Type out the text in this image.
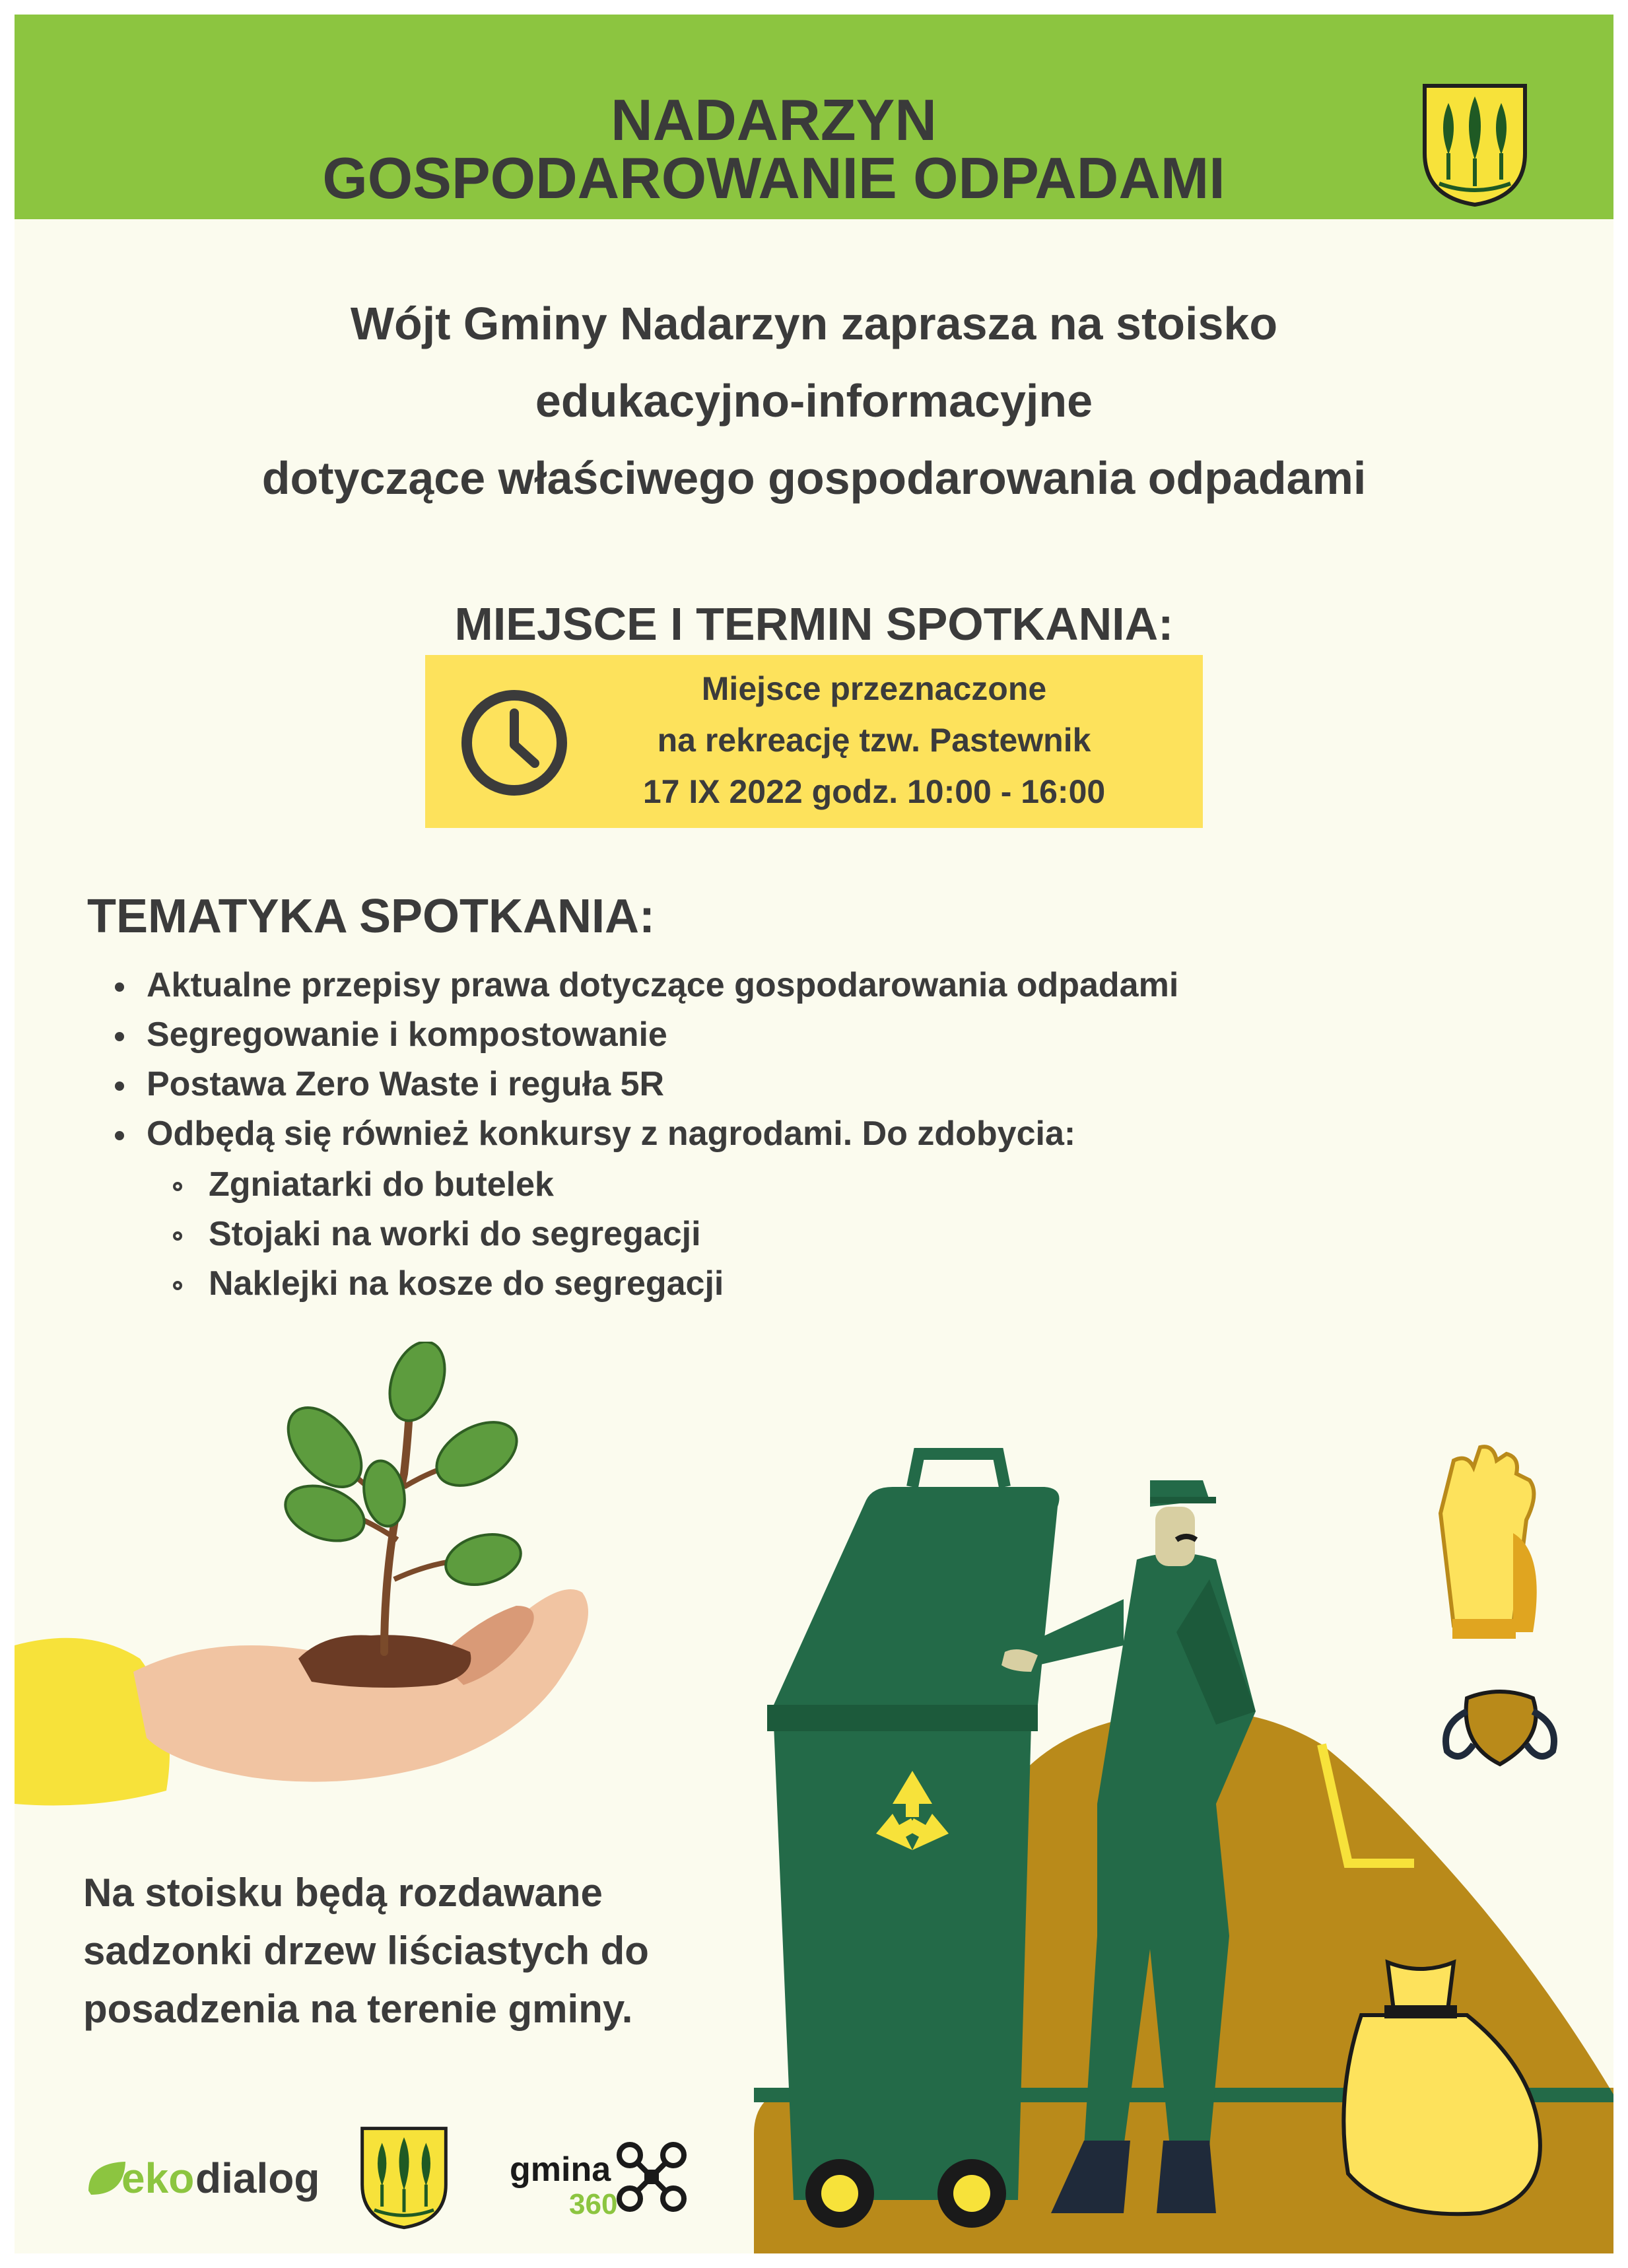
NADARZYN
GOSPODAROWANIE ODPADAMI
Wójt Gminy Nadarzyn zaprasza na stoisko
edukacyjno-informacyjne
dotyczące właściwego gospodarowania odpadami
MIEJSCE I TERMIN SPOTKANIA:
Miejsce przeznaczone
na rekreację tzw. Pastewnik
17 IX 2022 godz. 10:00 - 16:00
TEMATYKA SPOTKANIA:
Aktualne przepisy prawa dotyczące gospodarowania odpadami
Segregowanie i kompostowanie
Postawa Zero Waste i reguła 5R
Odbędą się również konkursy z nagrodami. Do zdobycia:
Zgniatarki do butelek
Stojaki na worki do segregacji
Naklejki na kosze do segregacji
Na stoisku będą rozdawane
sadzonki drzew liściastych do
posadzenia na terenie gminy.
eko dialog	gmina
360
